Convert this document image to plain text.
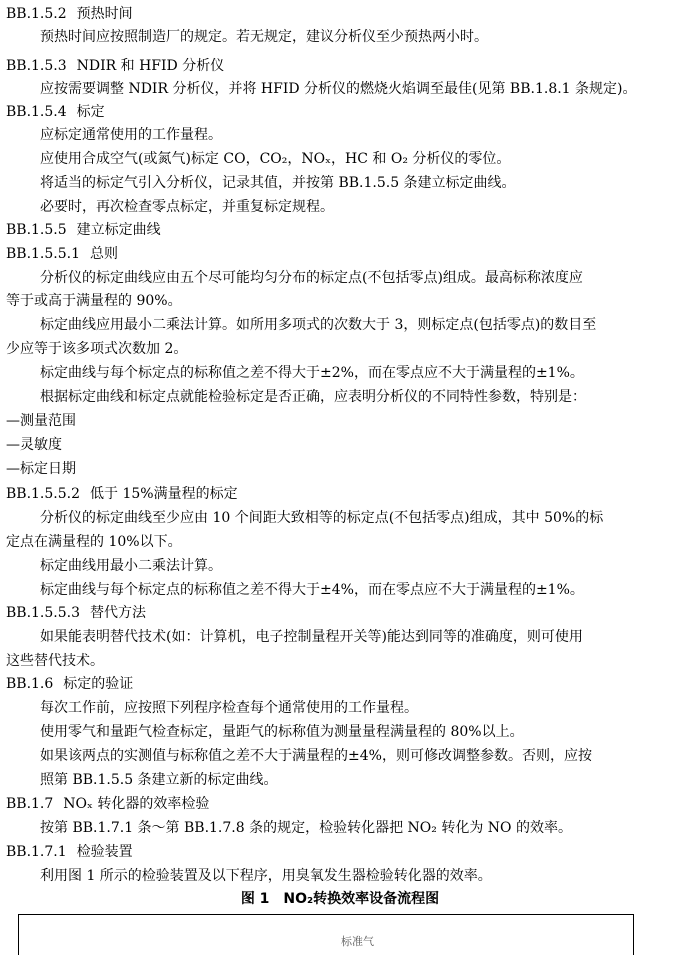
BB.1.5.2 预热时间
预热时间应按照制造厂的规定。若无规定，建议分析仪至少预热两小时。
BB.1.5.3 NDIR 和 HFID 分析仪
应按需要调整 NDIR 分析仪，并将 HFID 分析仪的燃烧火焰调至最佳(见第 BB.1.8.1 条规定)。
BB.1.5.4 标定
应标定通常使用的工作量程。
应使用合成空气(或氮气)标定 CO，CO₂，NOₓ，HC 和 O₂ 分析仪的零位。
将适当的标定气引入分析仪，记录其值，并按第 BB.1.5.5 条建立标定曲线。
必要时，再次检查零点标定，并重复标定规程。
BB.1.5.5 建立标定曲线
BB.1.5.5.1 总则
分析仪的标定曲线应由五个尽可能均匀分布的标定点(不包括零点)组成。最高标称浓度应
等于或高于满量程的 90%。
标定曲线应用最小二乘法计算。如所用多项式的次数大于 3，则标定点(包括零点)的数目至
少应等于该多项式次数加 2。
标定曲线与每个标定点的标称值之差不得大于±2%，而在零点应不大于满量程的±1%。
根据标定曲线和标定点就能检验标定是否正确，应表明分析仪的不同特性参数，特别是：
—测量范围
—灵敏度
—标定日期
BB.1.5.5.2 低于 15%满量程的标定
分析仪的标定曲线至少应由 10 个间距大致相等的标定点(不包括零点)组成，其中 50%的标
定点在满量程的 10%以下。
标定曲线用最小二乘法计算。
标定曲线与每个标定点的标称值之差不得大于±4%，而在零点应不大于满量程的±1%。
BB.1.5.5.3 替代方法
如果能表明替代技术(如：计算机，电子控制量程开关等)能达到同等的准确度，则可使用
这些替代技术。
BB.1.6 标定的验证
每次工作前，应按照下列程序检查每个通常使用的工作量程。
使用零气和量距气检查标定，量距气的标称值为测量量程满量程的 80%以上。
如果该两点的实测值与标称值之差不大于满量程的±4%，则可修改调整参数。否则，应按
照第 BB.1.5.5 条建立新的标定曲线。
BB.1.7 NOₓ 转化器的效率检验
按第 BB.1.7.1 条～第 BB.1.7.8 条的规定，检验转化器把 NO₂ 转化为 NO 的效率。
BB.1.7.1 检验装置
利用图 1 所示的检验装置及以下程序，用臭氧发生器检验转化器的效率。
图 1　NO₂转换效率设备流程图
标准气
